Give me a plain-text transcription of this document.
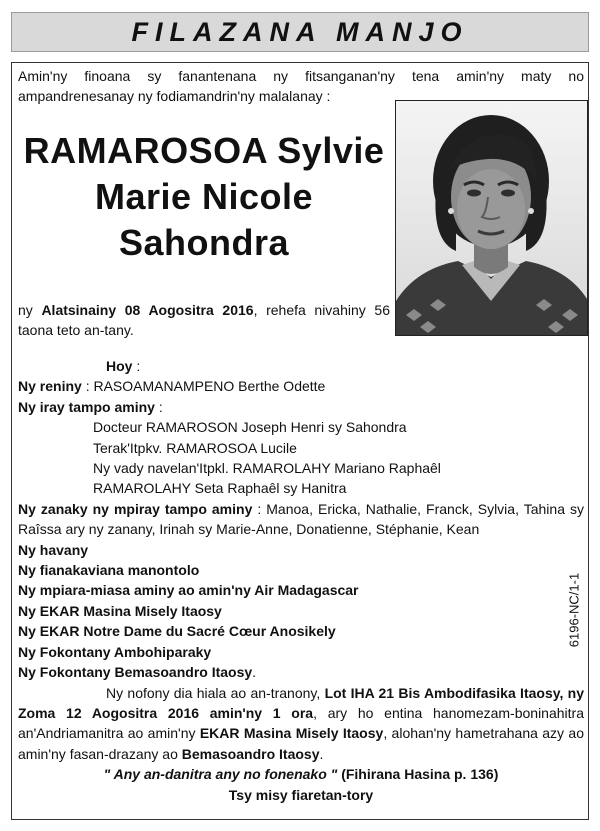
FILAZANA MANJO
Amin'ny finoana sy fanantenana ny fitsanganan'ny tena amin'ny maty no ampandrenesanay ny fodiamandrin'ny malalanay :
RAMAROSOA Sylvie
Marie Nicole
Sahondra
ny Alatsinainy 08 Aogositra 2016, rehefa nivahiny 56 taona teto an-tany.

Hoy :

Ny reniny : RASOAMANAMPENO Berthe Odette

Ny iray tampo aminy :

Docteur RAMAROSON Joseph Henri sy Sahondra

Terak'Itpkv. RAMAROSOA Lucile

Ny vady navelan'Itpkl. RAMAROLAHY Mariano Raphaêl

RAMAROLAHY Seta Raphaêl sy Hanitra

Ny zanaky ny mpiray tampo aminy : Manoa, Ericka, Nathalie, Franck, Sylvia, Tahina sy Raîssa ary ny zanany, Irinah sy Marie-Anne, Donatienne, Stéphanie, Kean

Ny havany

Ny fianakaviana manontolo

Ny mpiara-miasa aminy ao amin'ny Air Madagascar

Ny EKAR Masina Misely Itaosy

Ny EKAR Notre Dame du Sacré Cœur Anosikely

Ny Fokontany Ambohiparaky

Ny Fokontany Bemasoandro Itaosy.

Ny nofony dia hiala ao an-tranony, Lot IHA 21 Bis Ambodifasika Itaosy, ny Zoma 12 Aogositra 2016 amin'ny 1 ora, ary ho entina hanomezam-boninahitra an'Andriamanitra ao amin'ny EKAR Masina Misely Itaosy, alohan'ny hametrahana azy ao amin'ny fasan-drazany ao Bemasoandro Itaosy.

" Any an-danitra any no fonenako " (Fihirana Hasina p. 136)

Tsy misy fiaretan-tory

6196-NC/1-1
